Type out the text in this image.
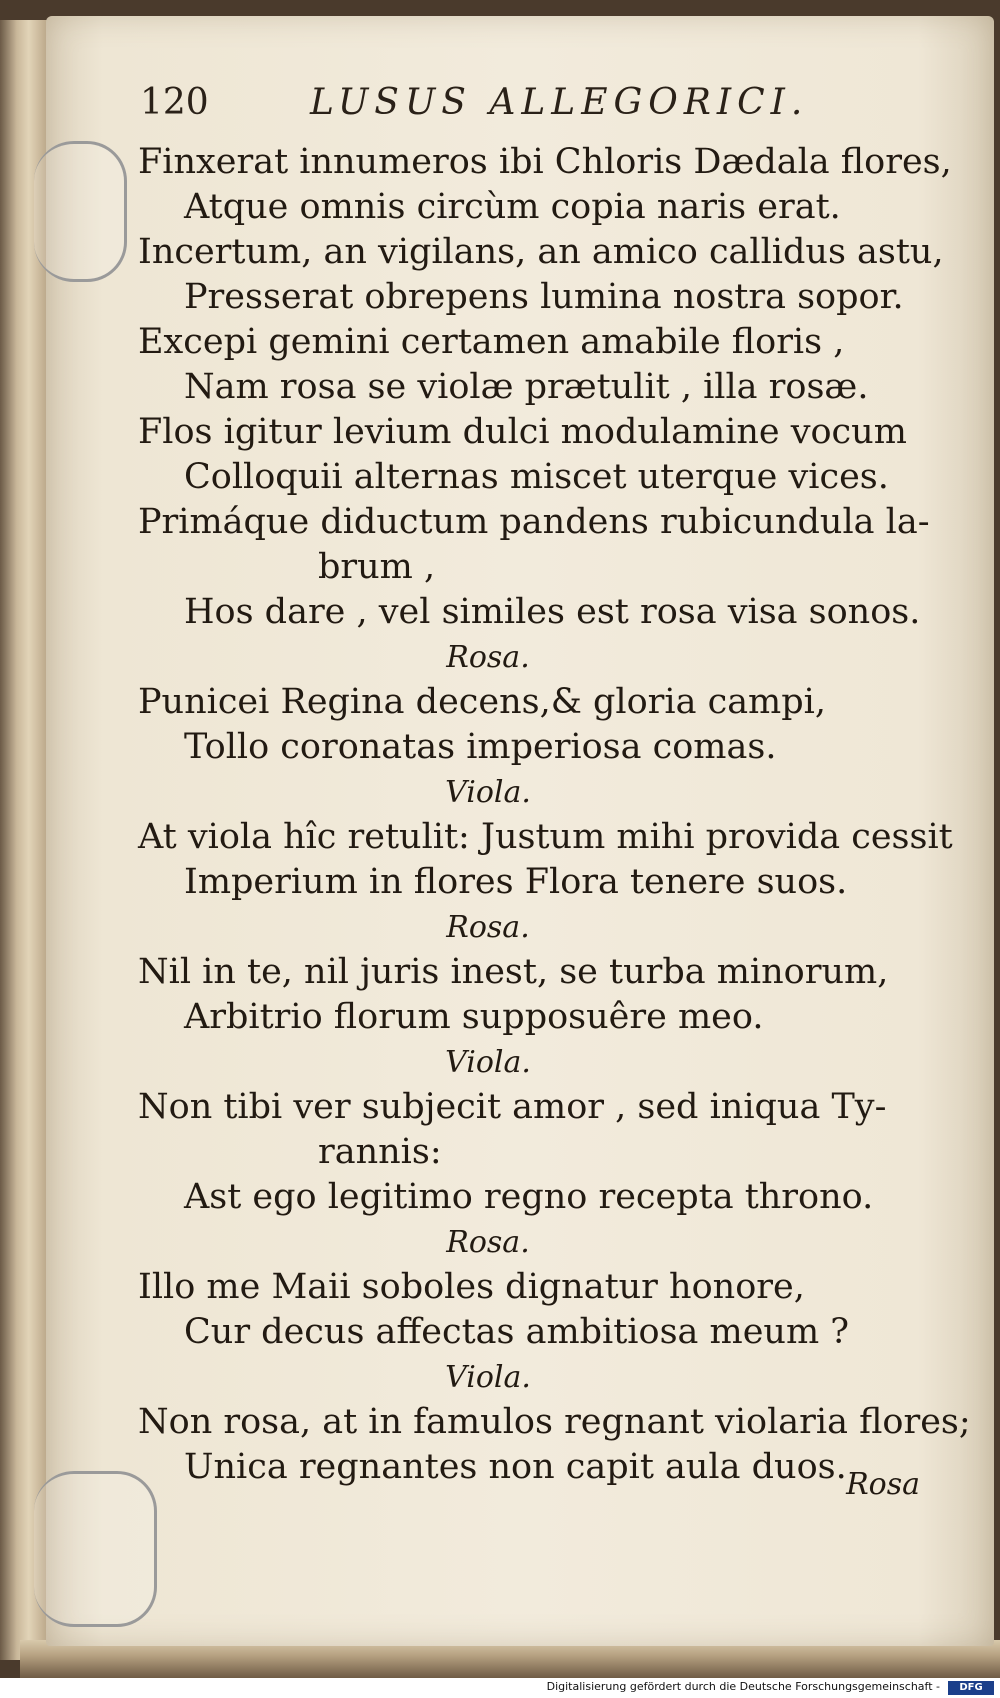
120	LUSUS ALLEGORICI.
Finxerat innumeros ibi Chloris Dædala flores,
Atque omnis circùm copia naris erat.
Incertum, an vigilans, an amico callidus astu,
Presserat obrepens lumina nostra sopor.
Excepi gemini certamen amabile floris ,
Nam rosa se violæ prætulit , illa rosæ.
Flos igitur levium dulci modulamine vocum
Colloquii alternas miscet uterque vices.
Primáque diductum pandens rubicundula la-
brum ,
Hos dare , vel similes est rosa visa sonos.
Rosa.
Punicei Regina decens,& gloria campi,
Tollo coronatas imperiosa comas.
Viola.
At viola hîc retulit: Justum mihi provida cessit
Imperium in flores Flora tenere suos.
Rosa.
Nil in te, nil juris inest, se turba minorum,
Arbitrio florum supposuêre meo.
Viola.
Non tibi ver subjecit amor , sed iniqua Ty-
rannis:
Ast ego legitimo regno recepta throno.
Rosa.
Illo me Maii soboles dignatur honore,
Cur decus affectas ambitiosa meum ?
Viola.
Non rosa, at in famulos regnant violaria flores;
Unica regnantes non capit aula duos. Rosa
Digitalisierung gefördert durch die Deutsche Forschungsgemeinschaft -	DFG
